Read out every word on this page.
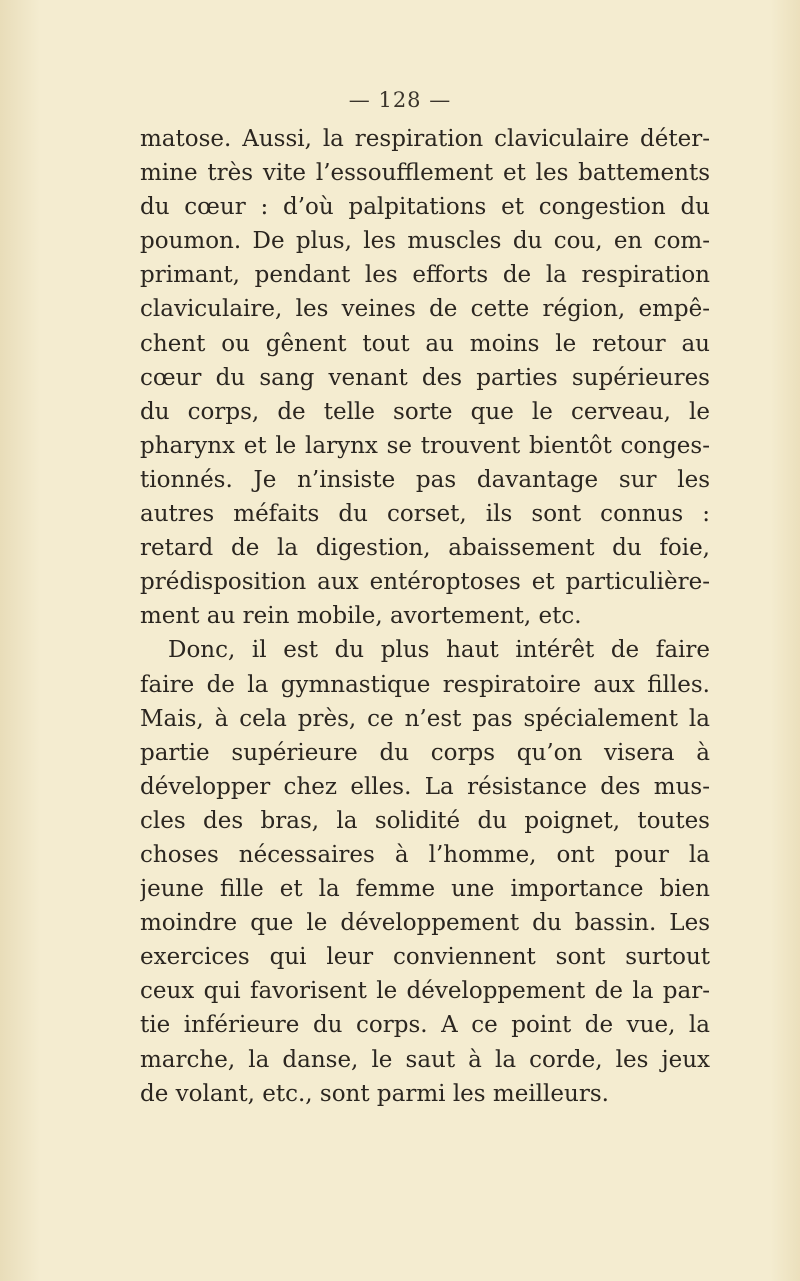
— 128 —
matose. Aussi, la respiration claviculaire déter-
mine très vite l’essoufflement et les battements
du cœur : d’où palpitations et congestion du
poumon. De plus, les muscles du cou, en com-
primant, pendant les efforts de la respiration
claviculaire, les veines de cette région, empê-
chent ou gênent tout au moins le retour au
cœur du sang venant des parties supérieures
du corps, de telle sorte que le cerveau, le
pharynx et le larynx se trouvent bientôt conges-
tionnés. Je n’insiste pas davantage sur les
autres méfaits du corset, ils sont connus :
retard de la digestion, abaissement du foie,
prédisposition aux entéroptoses et particulière-
ment au rein mobile, avortement, etc.
Donc, il est du plus haut intérêt de faire
faire de la gymnastique respiratoire aux filles.
Mais, à cela près, ce n’est pas spécialement la
partie supérieure du corps qu’on visera à
développer chez elles. La résistance des mus-
cles des bras, la solidité du poignet, toutes
choses nécessaires à l’homme, ont pour la
jeune fille et la femme une importance bien
moindre que le développement du bassin. Les
exercices qui leur conviennent sont surtout
ceux qui favorisent le développement de la par-
tie inférieure du corps. A ce point de vue, la
marche, la danse, le saut à la corde, les jeux
de volant, etc., sont parmi les meilleurs.
